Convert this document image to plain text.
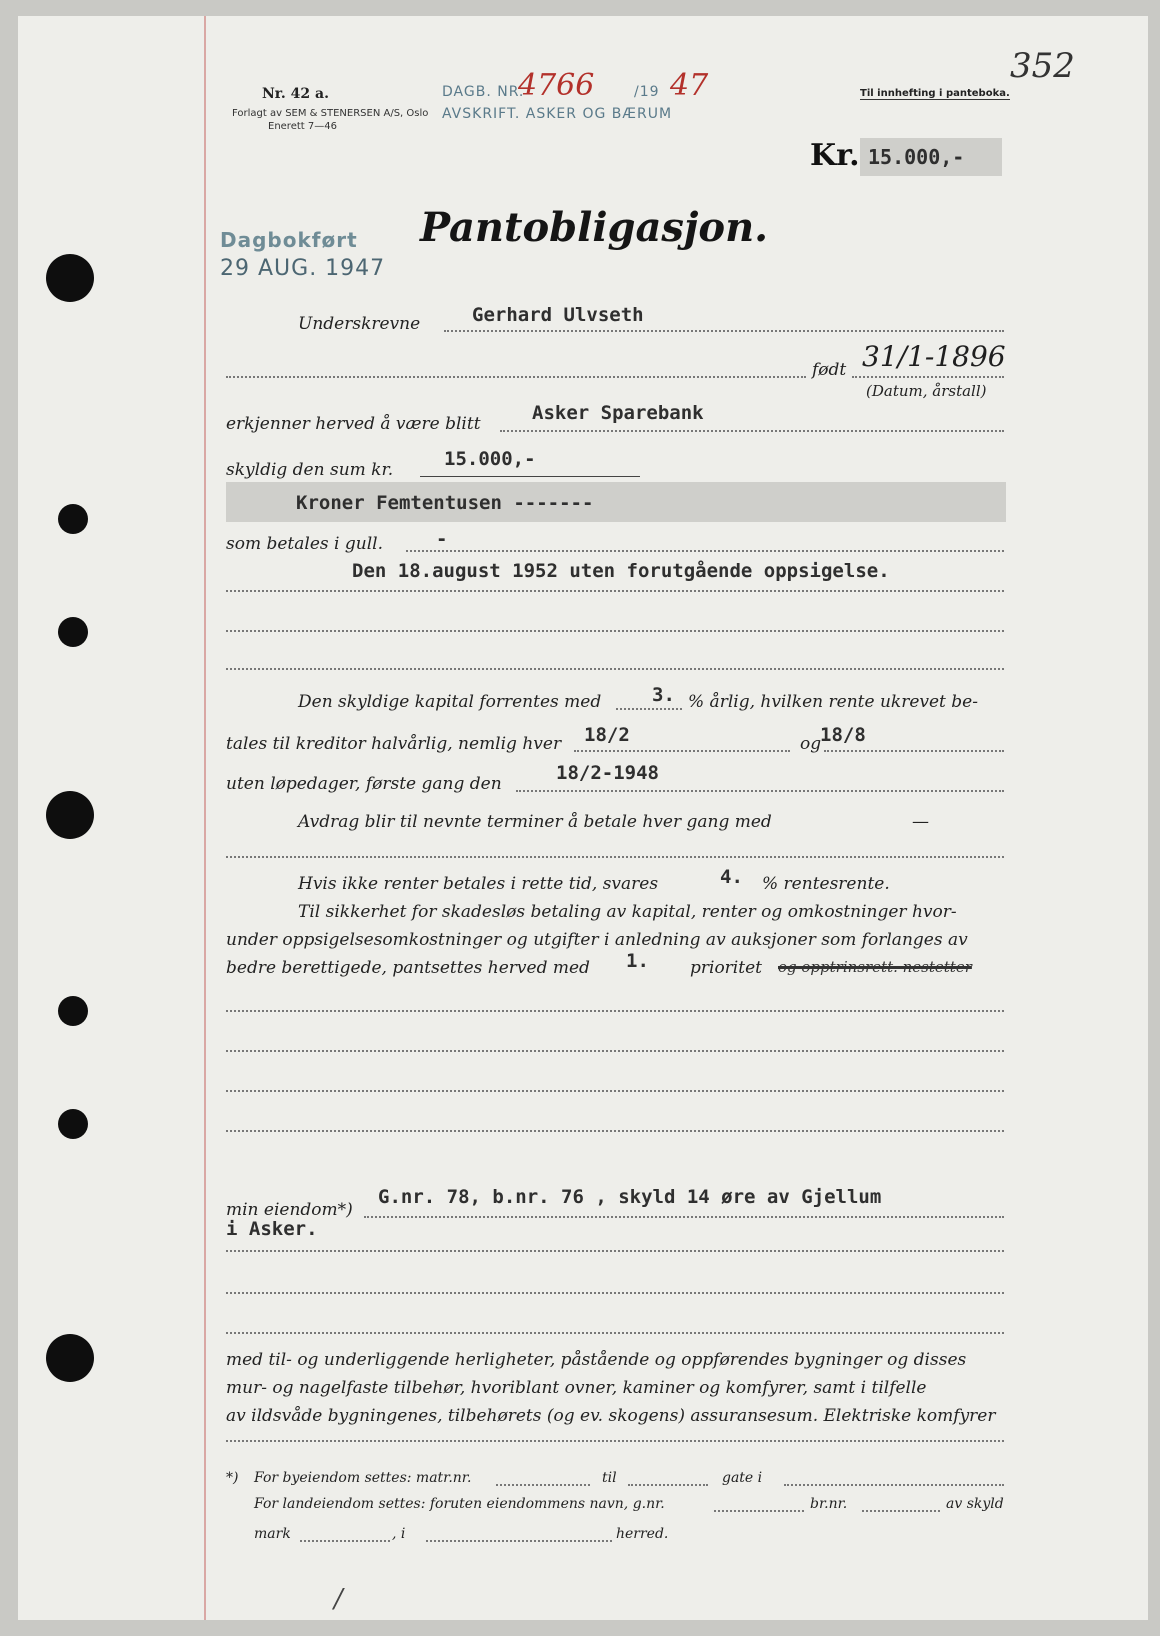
Nr. 42 a.
Forlagt av SEM & STENERSEN A/S, Oslo
Enerett 7—46
DAGB. NR.
4766	/19 47
AVSKRIFT. ASKER OG BÆRUM
Til innhefting i panteboka.
352
Kr. 15.000,-
Dagbokført
29 AUG. 1947
Pantobligasjon.
Underskrevne	Gerhard Ulvseth
født 31/1-1896
(Datum, årstall)
erkjenner herved å være blitt	Asker Sparebank
skyldig den sum kr.	15.000,-
Kroner Femtentusen -------
som betales i gull.	-
Den 18.august 1952 uten forutgående oppsigelse.
Den skyldige kapital forrentes med	3. % årlig, hvilken rente ukrevet be-
tales til kreditor halvårlig, nemlig hver 18/2	og
18/8
uten løpedager, første gang den	18/2-1948
Avdrag blir til nevnte terminer å betale hver gang med	—
Hvis ikke renter betales i rette tid, svares	4. % rentesrente.
Til sikkerhet for skadesløs betaling av kapital, renter og omkostninger hvor-
under oppsigelsesomkostninger og utgifter i anledning av auksjoner som forlanges av
bedre berettigede, pantsettes herved med 1. prioritet og opptrinsrett. nestetter
min eiendom*)
G.nr. 78, b.nr. 76 , skyld 14 øre av Gjellum
i Asker.
med til- og underliggende herligheter, påstående og oppførendes bygninger og disses
mur- og nagelfaste tilbehør, hvoriblant ovner, kaminer og komfyrer, samt i tilfelle
av ildsvåde bygningenes, tilbehørets (og ev. skogens) assuransesum. Elektriske komfyrer
*) For byeiendom settes: matr.nr.	til	gate i
For landeiendom settes: foruten eiendommens navn, g.nr.	br.nr.	av skyld
mark	, i	herred.
/
